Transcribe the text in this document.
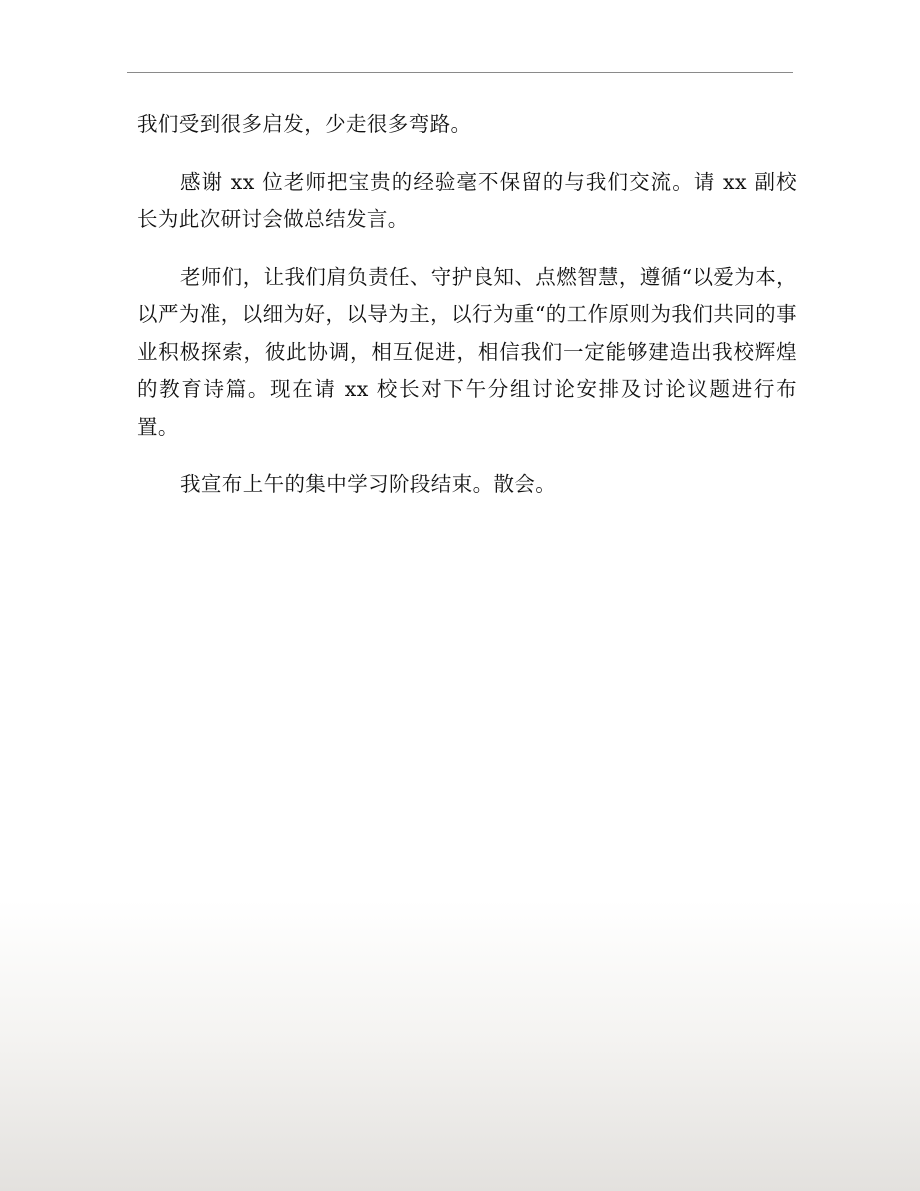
我们受到很多启发，少走很多弯路。

感谢 xx 位老师把宝贵的经验毫不保留的与我们交流。请 xx 副校长为此次研讨会做总结发言。

老师们，让我们肩负责任、守护良知、点燃智慧，遵循“以爱为本，以严为准，以细为好，以导为主，以行为重“的工作原则为我们共同的事业积极探索，彼此协调，相互促进，相信我们一定能够建造出我校辉煌的教育诗篇。现在请 xx 校长对下午分组讨论安排及讨论议题进行布置。

我宣布上午的集中学习阶段结束。散会。
